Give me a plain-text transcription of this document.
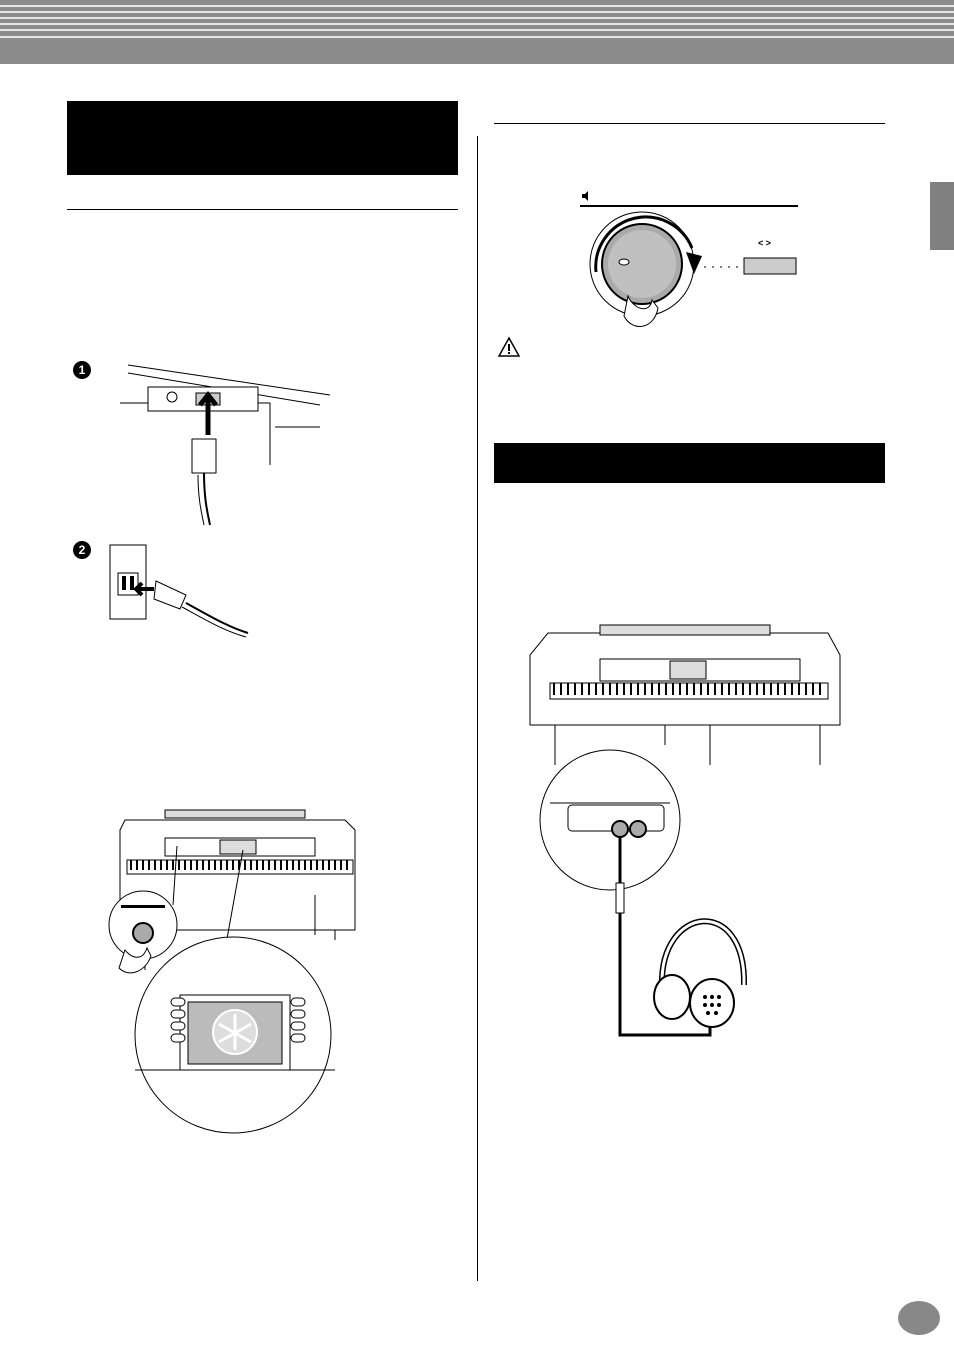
1
2
< >
